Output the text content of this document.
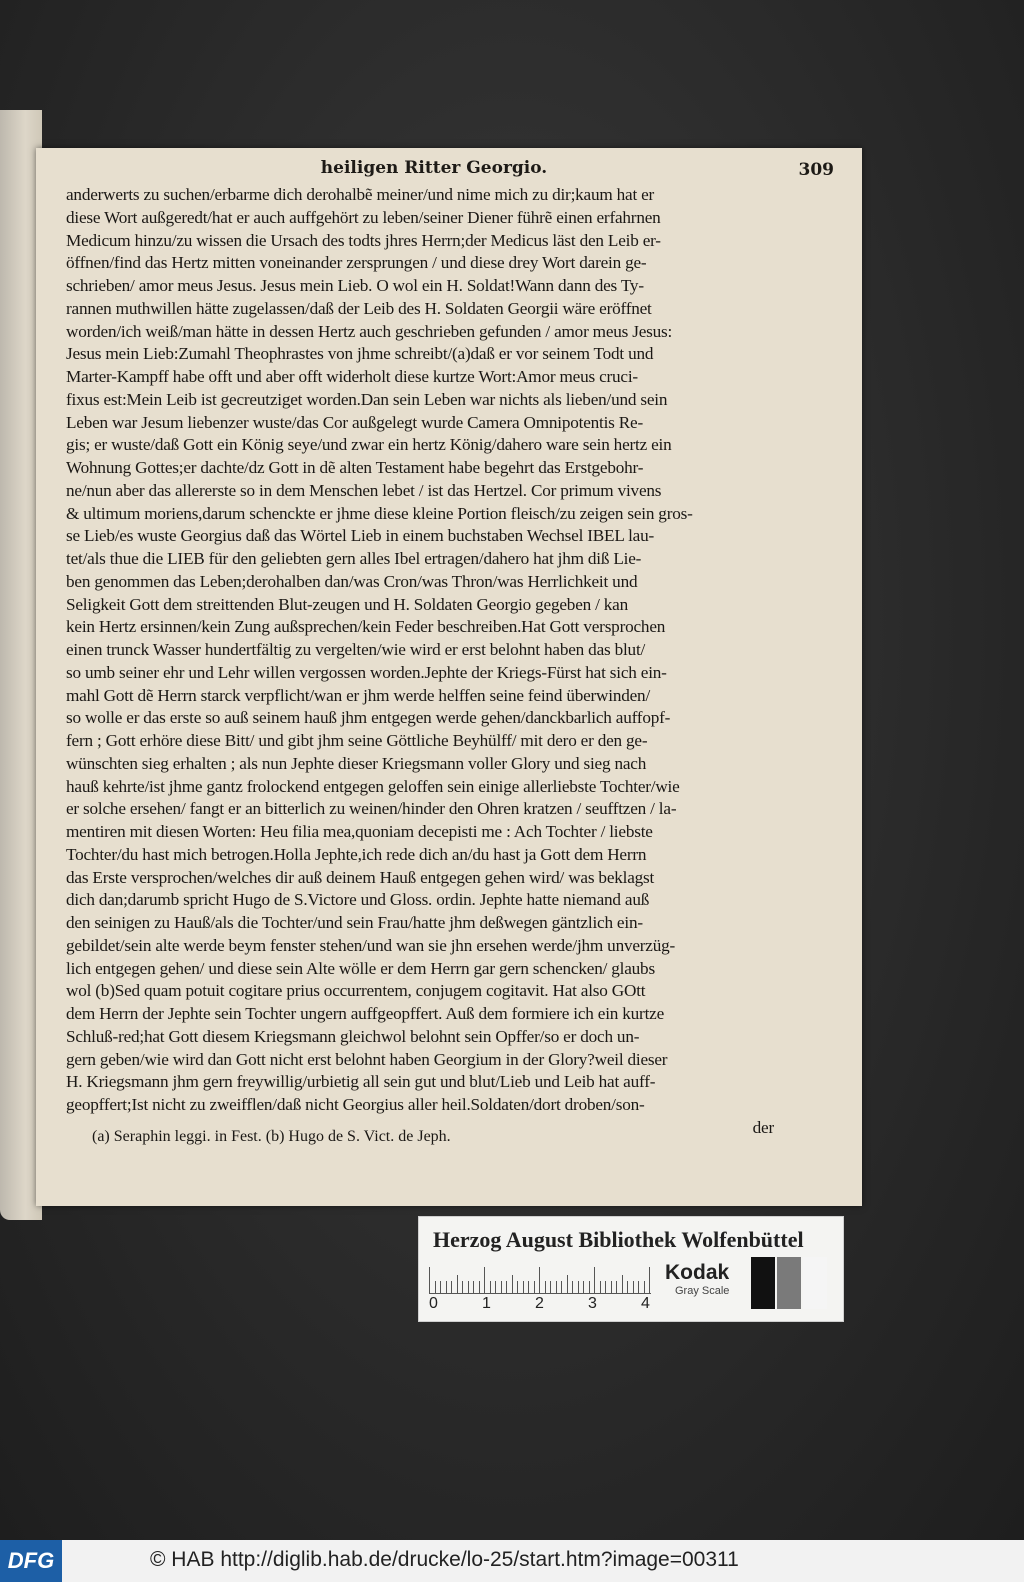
heiligen Ritter Georgio.	309
anderwerts zu suchen/erbarme dich derohalbẽ meiner/und nime mich zu dir;kaum hat er
diese Wort außgeredt/hat er auch auffgehört zu leben/seiner Diener führẽ einen erfahrnen
Medicum hinzu/zu wissen die Ursach des todts jhres Herrn;der Medicus läst den Leib er-
öffnen/find das Hertz mitten voneinander zersprungen / und diese drey Wort darein ge-
schrieben/ amor meus Jesus. Jesus mein Lieb. O wol ein H. Soldat!Wann dann des Ty-
rannen muthwillen hätte zugelassen/daß der Leib des H. Soldaten Georgii wäre eröffnet
worden/ich weiß/man hätte in dessen Hertz auch geschrieben gefunden / amor meus Jesus:
Jesus mein Lieb:Zumahl Theophrastes von jhme schreibt/(a)daß er vor seinem Todt und
Marter-Kampff habe offt und aber offt widerholt diese kurtze Wort:Amor meus cruci-
fixus est:Mein Leib ist gecreutziget worden.Dan sein Leben war nichts als lieben/und sein
Leben war Jesum liebenzer wuste/das Cor außgelegt wurde Camera Omnipotentis Re-
gis; er wuste/daß Gott ein König seye/und zwar ein hertz König/dahero ware sein hertz ein
Wohnung Gottes;er dachte/dz Gott in dẽ alten Testament habe begehrt das Erstgebohr-
ne/nun aber das allererste so in dem Menschen lebet / ist das Hertzel. Cor primum vivens
& ultimum moriens,darum schenckte er jhme diese kleine Portion fleisch/zu zeigen sein gros-
se Lieb/es wuste Georgius daß das Wörtel Lieb in einem buchstaben Wechsel IBEL lau-
tet/als thue die LIEB für den geliebten gern alles Ibel ertragen/dahero hat jhm diß Lie-
ben genommen das Leben;derohalben dan/was Cron/was Thron/was Herrlichkeit und
Seligkeit Gott dem streittenden Blut-zeugen und H. Soldaten Georgio gegeben / kan
kein Hertz ersinnen/kein Zung außsprechen/kein Feder beschreiben.Hat Gott versprochen
einen trunck Wasser hundertfältig zu vergelten/wie wird er erst belohnt haben das blut/
so umb seiner ehr und Lehr willen vergossen worden.Jephte der Kriegs-Fürst hat sich ein-
mahl Gott dẽ Herrn starck verpflicht/wan er jhm werde helffen seine feind überwinden/
so wolle er das erste so auß seinem hauß jhm entgegen werde gehen/danckbarlich auffopf-
fern ; Gott erhöre diese Bitt/ und gibt jhm seine Göttliche Beyhülff/ mit dero er den ge-
wünschten sieg erhalten ; als nun Jephte dieser Kriegsmann voller Glory und sieg nach
hauß kehrte/ist jhme gantz frolockend entgegen geloffen sein einige allerliebste Tochter/wie
er solche ersehen/ fangt er an bitterlich zu weinen/hinder den Ohren kratzen / seufftzen / la-
mentiren mit diesen Worten: Heu filia mea,quoniam decepisti me : Ach Tochter / liebste
Tochter/du hast mich betrogen.Holla Jephte,ich rede dich an/du hast ja Gott dem Herrn
das Erste versprochen/welches dir auß deinem Hauß entgegen gehen wird/ was beklagst
dich dan;darumb spricht Hugo de S.Victore und Gloss. ordin. Jephte hatte niemand auß
den seinigen zu Hauß/als die Tochter/und sein Frau/hatte jhm deßwegen gäntzlich ein-
gebildet/sein alte werde beym fenster stehen/und wan sie jhn ersehen werde/jhm unverzüg-
lich entgegen gehen/ und diese sein Alte wölle er dem Herrn gar gern schencken/ glaubs
wol (b)Sed quam potuit cogitare prius occurrentem, conjugem cogitavit. Hat also GOtt
dem Herrn der Jephte sein Tochter ungern auffgeopffert. Auß dem formiere ich ein kurtze
Schluß-red;hat Gott diesem Kriegsmann gleichwol belohnt sein Opffer/so er doch un-
gern geben/wie wird dan Gott nicht erst belohnt haben Georgium in der Glory?weil dieser
H. Kriegsmann jhm gern freywillig/urbietig all sein gut und blut/Lieb und Leib hat auff-
geopffert;Ist nicht zu zweifflen/daß nicht Georgius aller heil.Soldaten/dort droben/son-
der
(a) Seraphin leggi. in Fest. (b) Hugo de S. Vict. de Jeph.
Herzog August Bibliothek Wolfenbüttel
0	1	2	3	4
Kodak
Gray Scale
DFG	© HAB http://diglib.hab.de/drucke/lo-25/start.htm?image=00311
